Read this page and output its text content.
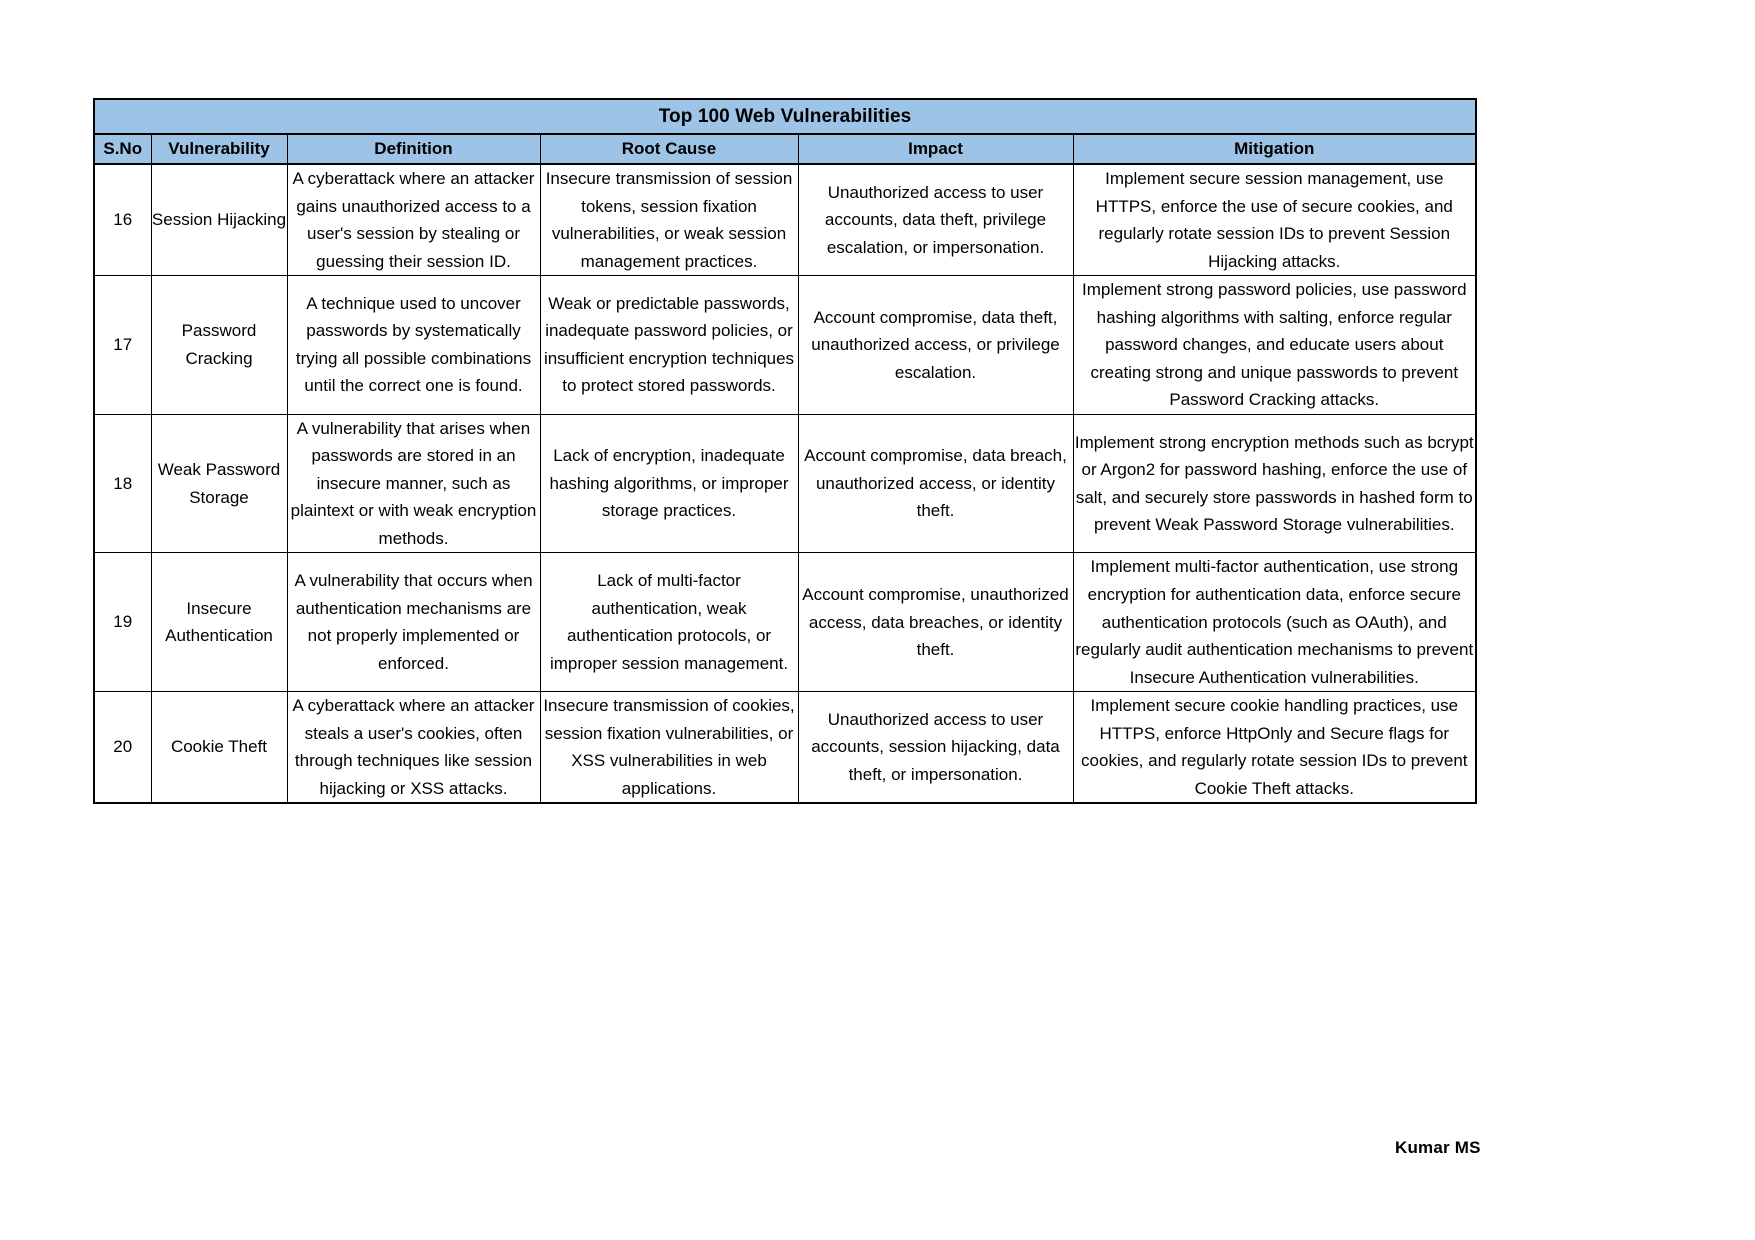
Top 100 Web Vulnerabilities					
S.No	Vulnerability	Definition	Root Cause	Impact	Mitigation
16	Session Hijacking	A cyberattack where an attacker gains unauthorized access to a user's session by stealing or guessing their session ID.	Insecure transmission of session tokens, session fixation vulnerabilities, or weak session management practices.	Unauthorized access to user accounts, data theft, privilege escalation, or impersonation.	Implement secure session management, use HTTPS, enforce the use of secure cookies, and regularly rotate session IDs to prevent Session Hijacking attacks.
17	Password Cracking	A technique used to uncover passwords by systematically trying all possible combinations until the correct one is found.	Weak or predictable passwords, inadequate password policies, or insufficient encryption techniques to protect stored passwords.	Account compromise, data theft, unauthorized access, or privilege escalation.	Implement strong password policies, use password hashing algorithms with salting, enforce regular password changes, and educate users about creating strong and unique passwords to prevent Password Cracking attacks.
18	Weak Password Storage	A vulnerability that arises when passwords are stored in an insecure manner, such as plaintext or with weak encryption methods.	Lack of encryption, inadequate hashing algorithms, or improper storage practices.	Account compromise, data breach, unauthorized access, or identity theft.	Implement strong encryption methods such as bcrypt or Argon2 for password hashing, enforce the use of salt, and securely store passwords in hashed form to prevent Weak Password Storage vulnerabilities.
19	Insecure Authentication	A vulnerability that occurs when authentication mechanisms are not properly implemented or enforced.	Lack of multi-factor authentication, weak authentication protocols, or improper session management.	Account compromise, unauthorized access, data breaches, or identity theft.	Implement multi-factor authentication, use strong encryption for authentication data, enforce secure authentication protocols (such as OAuth), and regularly audit authentication mechanisms to prevent Insecure Authentication vulnerabilities.
20	Cookie Theft	A cyberattack where an attacker steals a user's cookies, often through techniques like session hijacking or XSS attacks.	Insecure transmission of cookies, session fixation vulnerabilities, or XSS vulnerabilities in web applications.	Unauthorized access to user accounts, session hijacking, data theft, or impersonation.	Implement secure cookie handling practices, use HTTPS, enforce HttpOnly and Secure flags for cookies, and regularly rotate session IDs to prevent Cookie Theft attacks.
Kumar MS
